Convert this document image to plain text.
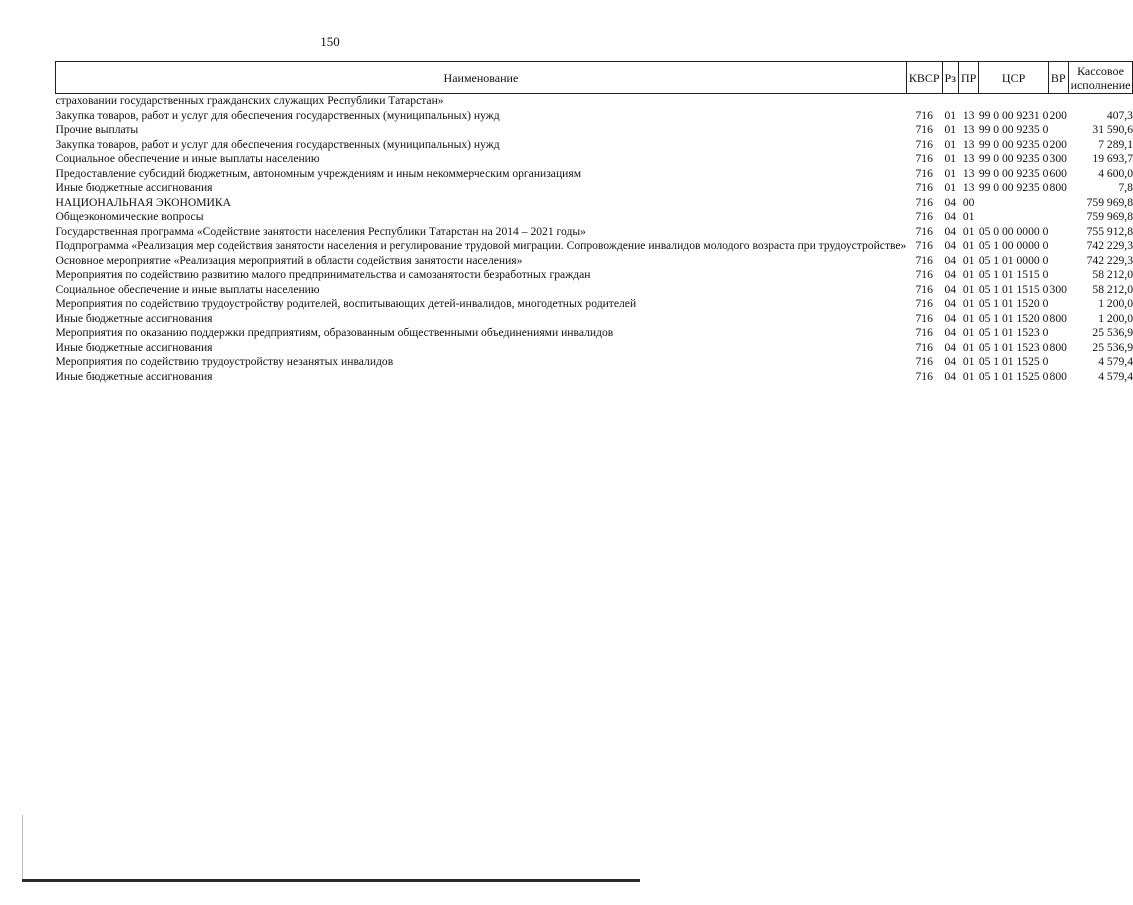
150
Наименование	КВСР	Рз	ПР	ЦСР	ВР	Кассовое исполнение
страховании государственных гражданских служащих Республики Татарстан»						
Закупка товаров, работ и услуг для обеспечения государственных (муниципальных) нужд	716	01	13	99 0 00 9231 0	200	407,3
Прочие выплаты	716	01	13	99 0 00 9235 0		31 590,6
Закупка товаров, работ и услуг для обеспечения государственных (муниципальных) нужд	716	01	13	99 0 00 9235 0	200	7 289,1
Социальное обеспечение и иные выплаты населению	716	01	13	99 0 00 9235 0	300	19 693,7
Предоставление субсидий бюджетным, автономным учреждениям и иным некоммерческим организациям	716	01	13	99 0 00 9235 0	600	4 600,0
Иные бюджетные ассигнования	716	01	13	99 0 00 9235 0	800	7,8
НАЦИОНАЛЬНАЯ ЭКОНОМИКА	716	04	00			759 969,8
Общеэкономические вопросы	716	04	01			759 969,8
Государственная программа «Содействие занятости населения Республики Татарстан на 2014 – 2021 годы»	716	04	01	05 0 00 0000 0		755 912,8
Подпрограмма «Реализация мер содействия занятости населения и регулирование трудовой миграции. Сопровождение инвалидов молодого возраста при трудоустройстве»	716	04	01	05 1 00 0000 0		742 229,3
Основное мероприятие «Реализация мероприятий в области содействия занятости населения»	716	04	01	05 1 01 0000 0		742 229,3
Мероприятия по содействию развитию малого предпринимательства и самозанятости безработных граждан	716	04	01	05 1 01 1515 0		58 212,0
Социальное обеспечение и иные выплаты населению	716	04	01	05 1 01 1515 0	300	58 212,0
Мероприятия по содействию трудоустройству родителей, воспитывающих детей-инвалидов, многодетных родителей	716	04	01	05 1 01 1520 0		1 200,0
Иные бюджетные ассигнования	716	04	01	05 1 01 1520 0	800	1 200,0
Мероприятия по оказанию поддержки предприятиям, образованным общественными объединениями инвалидов	716	04	01	05 1 01 1523 0		25 536,9
Иные бюджетные ассигнования	716	04	01	05 1 01 1523 0	800	25 536,9
Мероприятия по содействию трудоустройству незанятых инвалидов	716	04	01	05 1 01 1525 0		4 579,4
Иные бюджетные ассигнования	716	04	01	05 1 01 1525 0	800	4 579,4
